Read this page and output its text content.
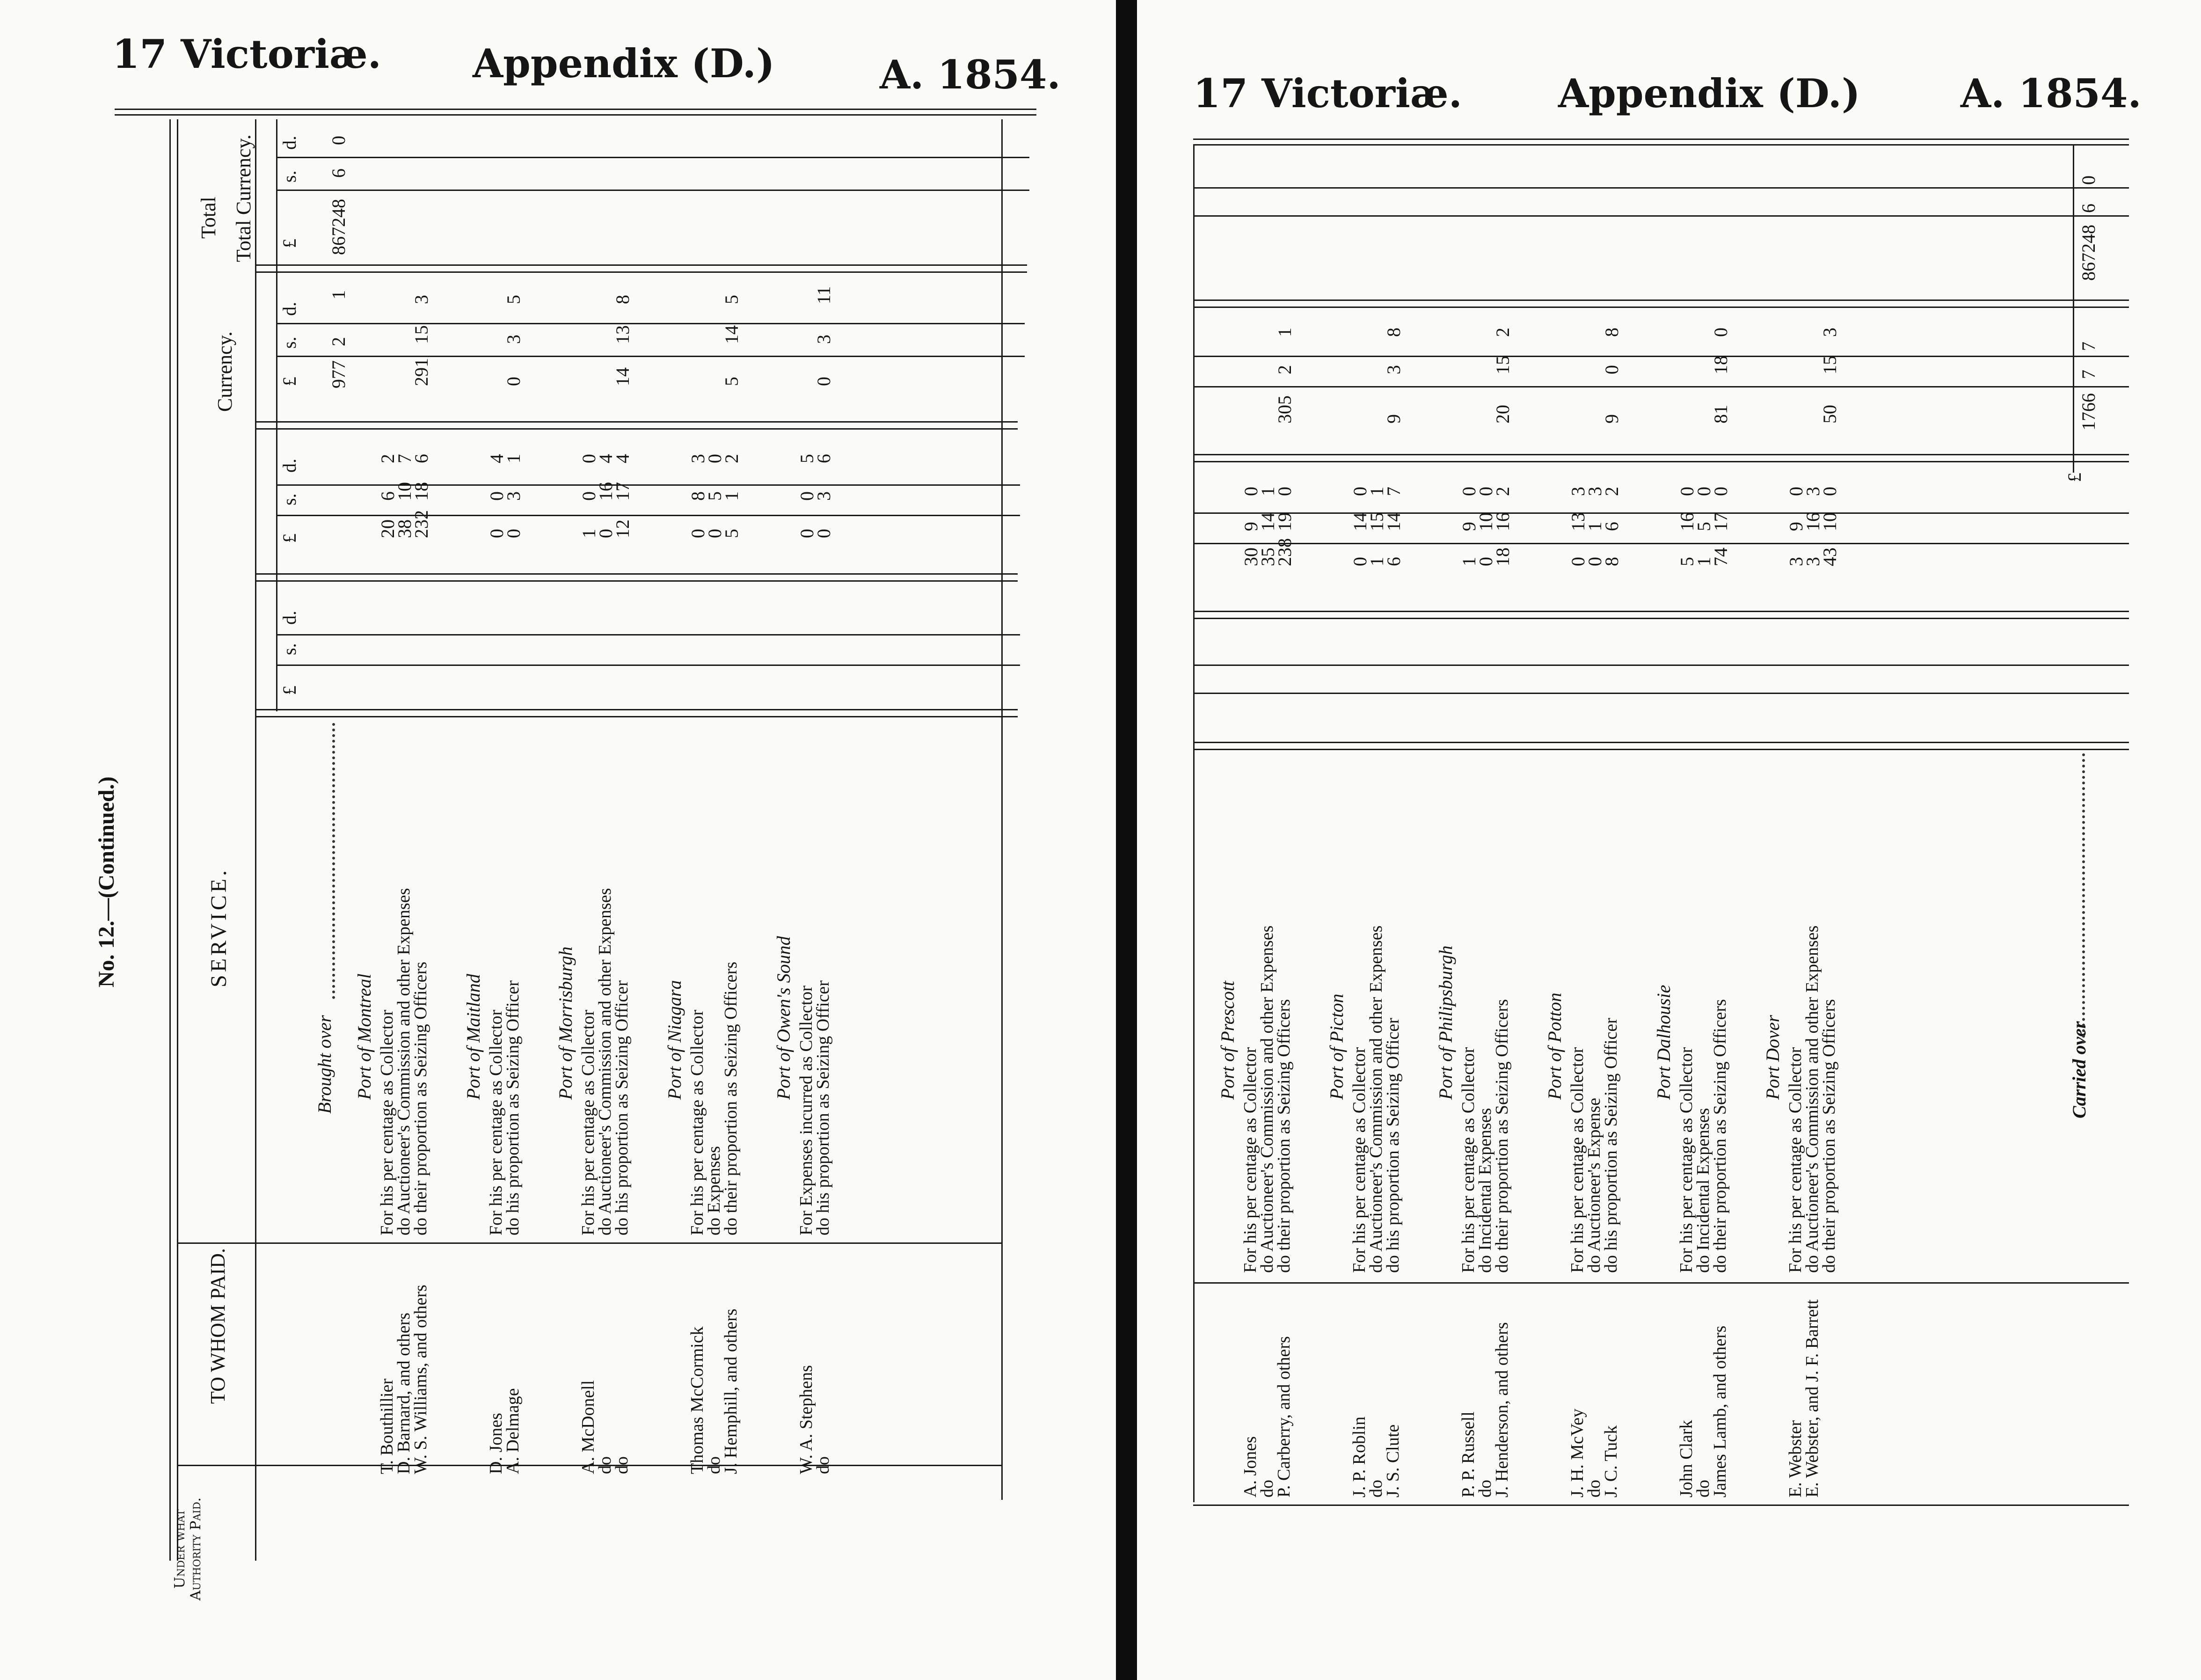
17 Victoriæ. Appendix (D.)	A. 1854.
No. 12.—(Continued.)
Under what Authority Paid.
TO WHOM PAID.
SERVICE.
Currency.
Total Total Currency.
£
s.
d.
£
s.
d.
£
s.
d.
£
s.
d.
Brought over
977
2
1
867248
6
0
Port of Montreal
T. Bouthillier
For his per centage as Collector
20
6
2
D. Barnard, and others
do Auctioneer's Commission and other Expenses
38
10
7
W. S. Williams, and others
do their proportion as Seizing Officers
232
18
6
291
15
3
Port of Maitland
D. Jones
For his per centage as Collector
0
0
4
A. Delmage
do his proportion as Seizing Officer
0
3
1
0
3
5
Port of Morrisburgh
A. McDonell
For his per centage as Collector
1
0
0
do
do Auctioneer's Commission and other Expenses
0
16
4
do
do his proportion as Seizing Officer
12
17
4
14
13
8
Port of Niagara
Thomas McCormick
For his per centage as Collector
0
8
3
do
do Expenses
0
5
0
J. Hemphill, and others
do their proportion as Seizing Officers
5
1
2
5
14
5
Port of Owen's Sound
W. A. Stephens
For Expenses incurred as Collector
0
0
5
do
do his proportion as Seizing Officer
0
3
6
0
3
11
17 Victoriæ. Appendix (D.)	A. 1854.
Carried over
£
1766
7
7
867248
6
0
Port of Prescott
A. Jones
For his per centage as Collector
30
9
0
do
do Auctioneer's Commission and other Expenses
35
14
1
P. Carberry, and others
do their proportion as Seizing Officers
238
19
0
305
2
1
Port of Picton
J. P. Roblin
For his per centage as Collector
0
14
0
do
do Auctioneer's Commission and other Expenses
1
15
1
J. S. Clute
do his proportion as Seizing Officer
6
14
7
9
3
8
Port of Philipsburgh
P. P. Russell
For his per centage as Collector
1
9
0
do
do Incidental Expenses
0
10
0
J. Henderson, and others
do their proportion as Seizing Officers
18
16
2
20
15
2
Port of Potton
J. H. McVey
For his per centage as Collector
0
13
3
do
do Auctioneer's Expense
0
1
3
J. C. Tuck
do his proportion as Seizing Officer
8
6
2
9
0
8
Port Dalhousie
John Clark
For his per centage as Collector
5
16
0
do
do Incidental Expenses
1
5
0
James Lamb, and others
do their proportion as Seizing Officers
74
17
0
81
18
0
Port Dover
E. Webster
For his per centage as Collector
3
9
0
E. Webster, and J. F. Barrett
do Auctioneer's Commission and other Expenses
3
16
3
do their proportion as Seizing Officers
43
10
0
50
15
3
